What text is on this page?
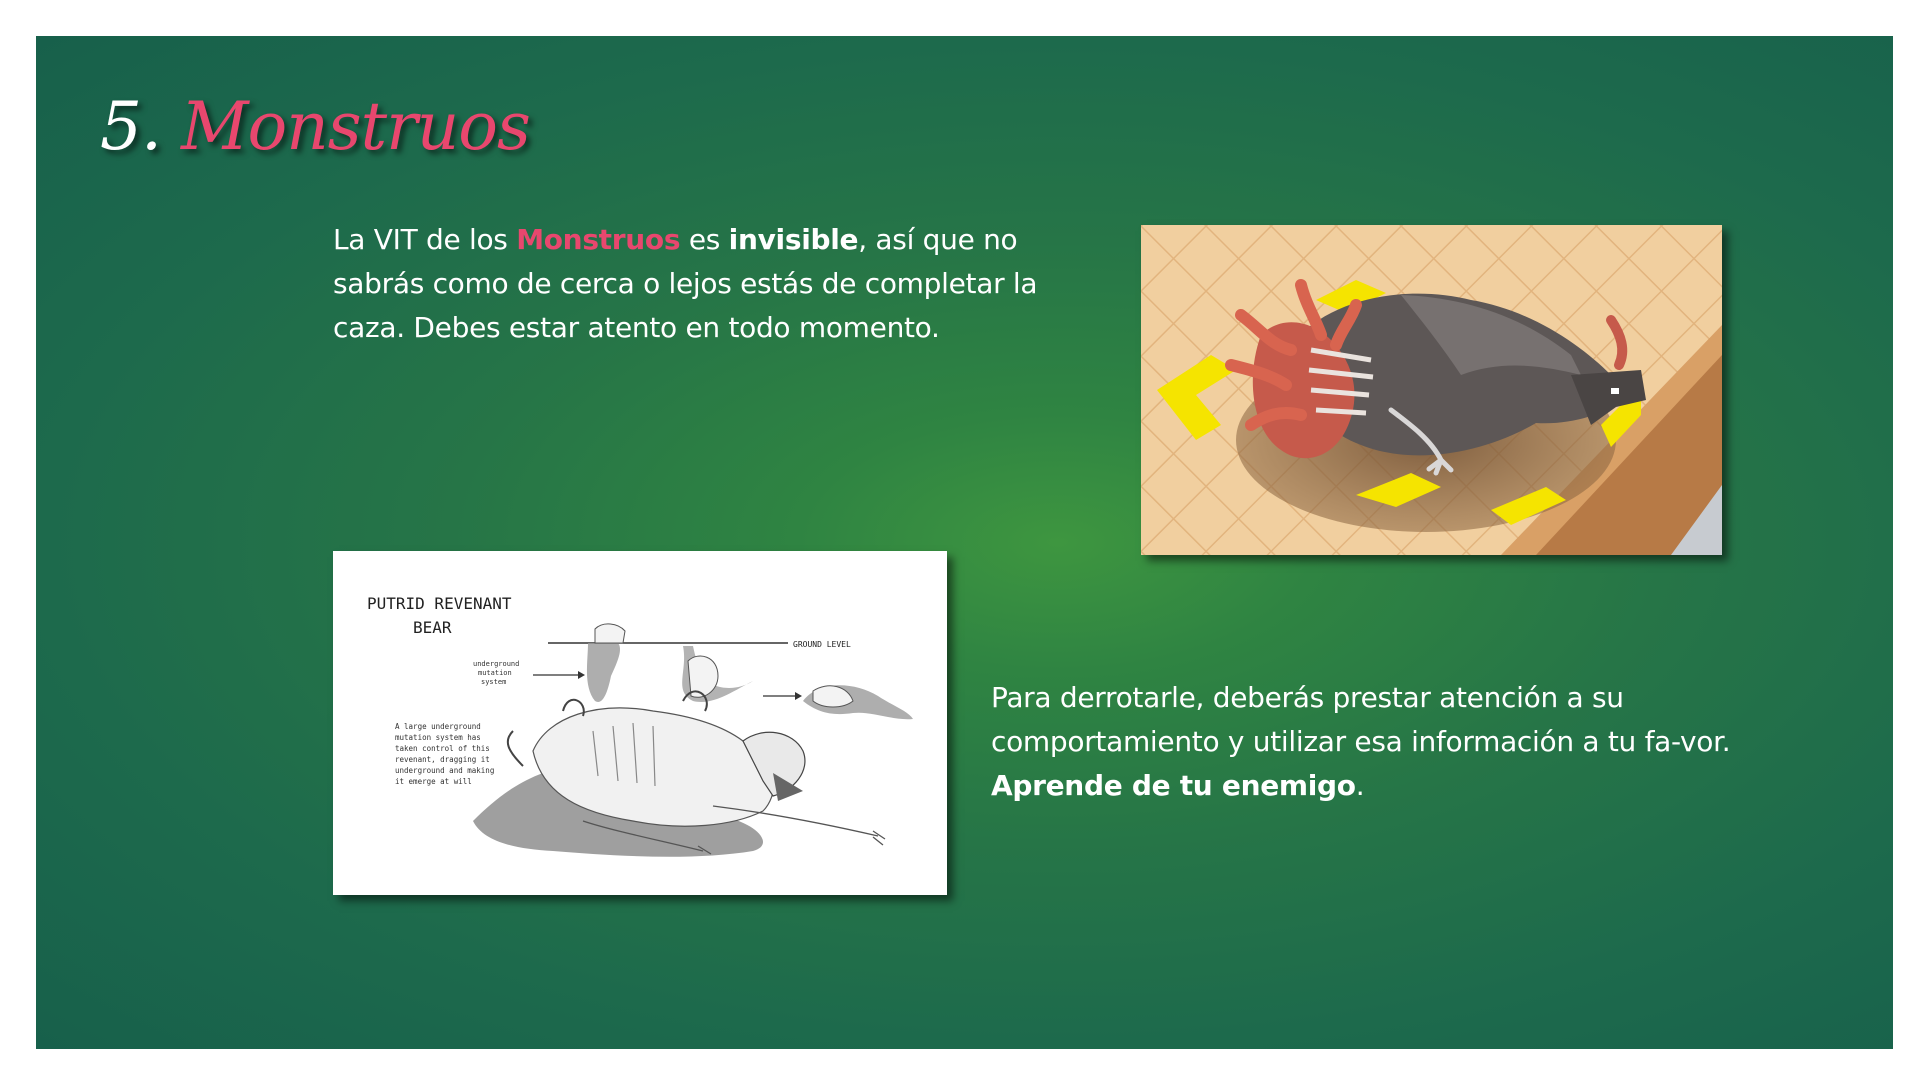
5. Monstruos

La VIT de los Monstruos es invisible, así que no sabrás como de cerca o lejos estás de completar la caza. Debes estar atento en todo momento.

PUTRID REVENANT
BEAR
GROUND LEVEL
underground
mutation
system
A large underground
mutation system has
taken control of this
revenant, dragging it
underground and making
it emerge at will

Para derrotarle, deberás prestar atención a su comportamiento y utilizar esa información a tu fa-vor. Aprende de tu enemigo.
